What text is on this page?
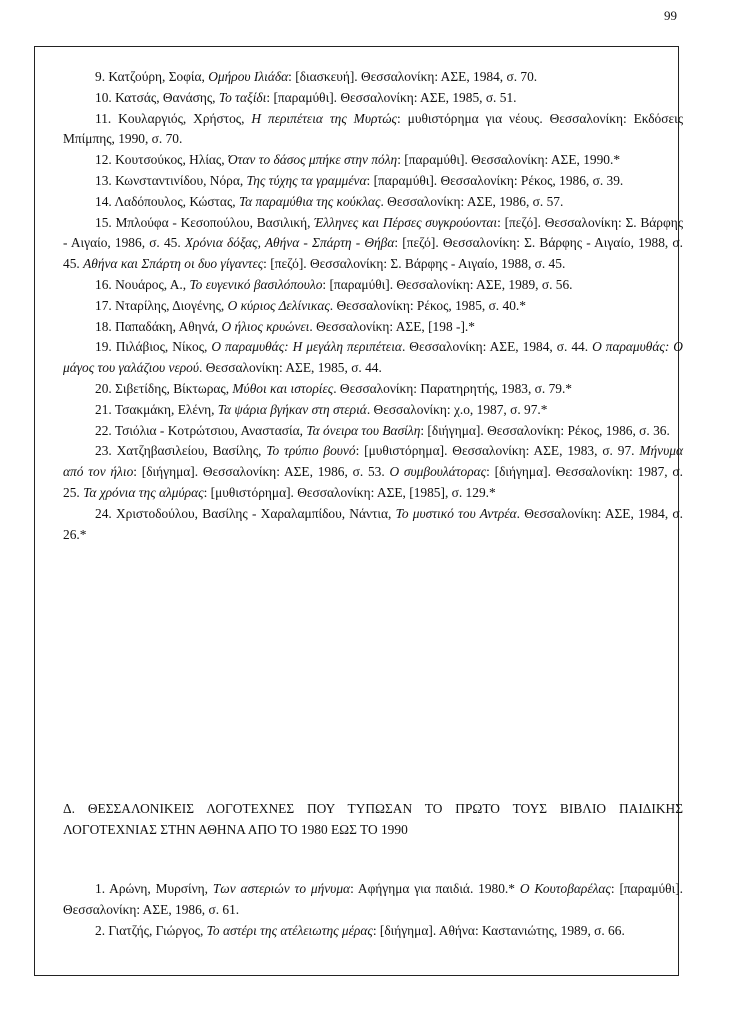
99

9. Κατζούρη, Σοφία, Ομήρου Ιλιάδα: [διασκευή]. Θεσσαλονίκη: ΑΣΕ, 1984, σ. 70.

10. Κατσάς, Θανάσης, Το ταξίδι: [παραμύθι]. Θεσσαλονίκη: ΑΣΕ, 1985, σ. 51.

11. Κουλαργιός, Χρήστος, Η περιπέτεια της Μυρτώς: μυθιστόρημα για νέους. Θεσσαλονίκη: Εκδόσεις Μπίμπης, 1990, σ. 70.

12. Κουτσούκος, Ηλίας, Όταν το δάσος μπήκε στην πόλη: [παραμύθι]. Θεσσαλονίκη: ΑΣΕ, 1990.*

13. Κωνσταντινίδου, Νόρα, Της τύχης τα γραμμένα: [παραμύθι]. Θεσσαλονίκη: Ρέκος, 1986, σ. 39.

14. Λαδόπουλος, Κώστας, Τα παραμύθια της κούκλας. Θεσσαλονίκη: ΑΣΕ, 1986, σ. 57.

15. Μπλούφα - Κεσοπούλου, Βασιλική, Έλληνες και Πέρσες συγκρούονται: [πεζό]. Θεσσαλονίκη: Σ. Βάρφης - Αιγαίο, 1986, σ. 45. Χρόνια δόξας, Αθήνα - Σπάρτη - Θήβα: [πεζό]. Θεσσαλονίκη: Σ. Βάρφης - Αιγαίο, 1988, σ. 45. Αθήνα και Σπάρτη οι δυο γίγαντες: [πεζό]. Θεσσαλονίκη: Σ. Βάρφης - Αιγαίο, 1988, σ. 45.

16. Νουάρος, Α., Το ευγενικό βασιλόπουλο: [παραμύθι]. Θεσσαλονίκη: ΑΣΕ, 1989, σ. 56.

17. Νταρίλης, Διογένης, Ο κύριος Δελίνικας. Θεσσαλονίκη: Ρέκος, 1985, σ. 40.*

18. Παπαδάκη, Αθηνά, Ο ήλιος κρυώνει. Θεσσαλονίκη: ΑΣΕ, [198 -].*

19. Πιλάβιος, Νίκος, Ο παραμυθάς: Η μεγάλη περιπέτεια. Θεσσαλονίκη: ΑΣΕ, 1984, σ. 44. Ο παραμυθάς: Ο μάγος του γαλάζιου νερού. Θεσσαλονίκη: ΑΣΕ, 1985, σ. 44.

20. Σιβετίδης, Βίκτωρας, Μύθοι και ιστορίες. Θεσσαλονίκη: Παρατηρητής, 1983, σ. 79.*

21. Τσακμάκη, Ελένη, Τα ψάρια βγήκαν στη στεριά. Θεσσαλονίκη: χ.ο, 1987, σ. 97.*

22. Τσιόλια - Κοτρώτσιου, Αναστασία, Τα όνειρα του Βασίλη: [διήγημα]. Θεσσαλονίκη: Ρέκος, 1986, σ. 36.

23. Χατζηβασιλείου, Βασίλης, Το τρύπιο βουνό: [μυθιστόρημα]. Θεσσαλονίκη: ΑΣΕ, 1983, σ. 97. Μήνυμα από τον ήλιο: [διήγημα]. Θεσσαλονίκη: ΑΣΕ, 1986, σ. 53. Ο συμβουλάτορας: [διήγημα]. Θεσσαλονίκη: 1987, σ. 25. Τα χρόνια της αλμύρας: [μυθιστόρημα]. Θεσσαλονίκη: ΑΣΕ, [1985], σ. 129.*

24. Χριστοδούλου, Βασίλης - Χαραλαμπίδου, Νάντια, Το μυστικό του Αντρέα. Θεσσαλονίκη: ΑΣΕ, 1984, σ. 26.*

Δ. ΘΕΣΣΑΛΟΝΙΚΕΙΣ ΛΟΓΟΤΕΧΝΕΣ ΠΟΥ ΤΥΠΩΣΑΝ ΤΟ ΠΡΩΤΟ ΤΟΥΣ ΒΙΒΛΙΟ ΠΑΙΔΙΚΗΣ ΛΟΓΟΤΕΧΝΙΑΣ ΣΤΗΝ ΑΘΗΝΑ ΑΠΟ ΤΟ 1980 ΕΩΣ ΤΟ 1990

1. Αρώνη, Μυρσίνη, Των αστεριών το μήνυμα: Αφήγημα για παιδιά. 1980.* Ο Κουτοβαρέλας: [παραμύθι]. Θεσσαλονίκη: ΑΣΕ, 1986, σ. 61.

2. Γιατζής, Γιώργος, Το αστέρι της ατέλειωτης μέρας: [διήγημα]. Αθήνα: Καστανιώτης, 1989, σ. 66.
